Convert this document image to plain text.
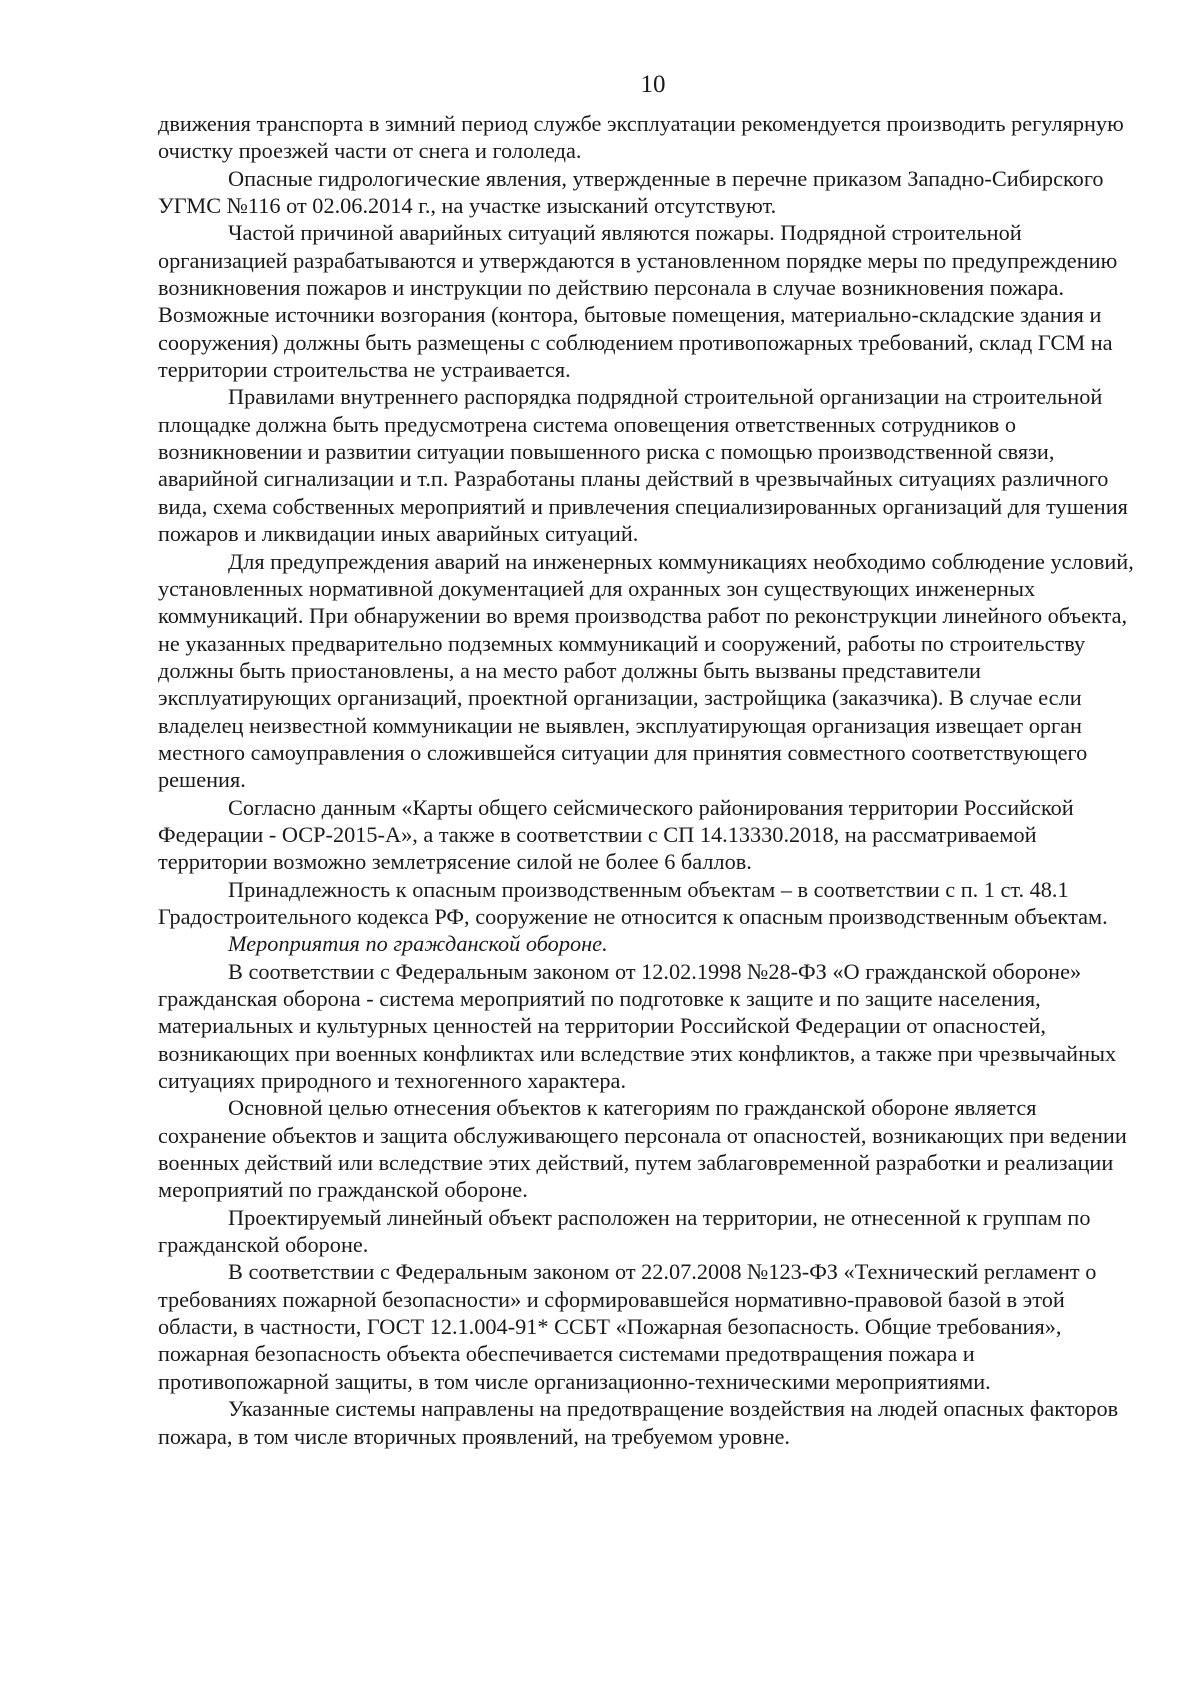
10

движения транспорта в зимний период службе эксплуатации рекомендуется производить регулярную очистку проезжей части от снега и гололеда.

Опасные гидрологические явления, утвержденные в перечне приказом Западно-Сибирского УГМС №116 от 02.06.2014 г., на участке изысканий отсутствуют.

Частой причиной аварийных ситуаций являются пожары. Подрядной строительной организацией разрабатываются и утверждаются в установленном порядке меры по предупреждению возникновения пожаров и инструкции по действию персонала в случае возникновения пожара. Возможные источники возгорания (контора, бытовые помещения, материально-складские здания и сооружения) должны быть размещены с соблюдением противопожарных требований, склад ГСМ на территории строительства не устраивается.

Правилами внутреннего распорядка подрядной строительной организации на строительной площадке должна быть предусмотрена система оповещения ответственных сотрудников о возникновении и развитии ситуации повышенного риска с помощью производственной связи, аварийной сигнализации и т.п. Разработаны планы действий в чрезвычайных ситуациях различного вида, схема собственных мероприятий и привлечения специализированных организаций для тушения пожаров и ликвидации иных аварийных ситуаций.

Для предупреждения аварий на инженерных коммуникациях необходимо соблюдение условий, установленных нормативной документацией для охранных зон существующих инженерных коммуникаций. При обнаружении во время производства работ по реконструкции линейного объекта, не указанных предварительно подземных коммуникаций и сооружений, работы по строительству должны быть приостановлены, а на место работ должны быть вызваны представители эксплуатирующих организаций, проектной организации, застройщика (заказчика). В случае если владелец неизвестной коммуникации не выявлен, эксплуатирующая организация извещает орган местного самоуправления о сложившейся ситуации для принятия совместного соответствующего решения.

Согласно данным «Карты общего сейсмического районирования территории Российской Федерации - ОСР-2015-А», а также в соответствии с СП 14.13330.2018, на рассматриваемой территории возможно землетрясение силой не более 6 баллов.

Принадлежность к опасным производственным объектам – в соответствии с п. 1 ст. 48.1 Градостроительного кодекса РФ, сооружение не относится к опасным производственным объектам.

Мероприятия по гражданской обороне.

В соответствии с Федеральным законом от 12.02.1998 №28-ФЗ «О гражданской обороне» гражданская оборона - система мероприятий по подготовке к защите и по защите населения, материальных и культурных ценностей на территории Российской Федерации от опасностей, возникающих при военных конфликтах или вследствие этих конфликтов, а также при чрезвычайных ситуациях природного и техногенного характера.

Основной целью отнесения объектов к категориям по гражданской обороне является сохранение объектов и защита обслуживающего персонала от опасностей, возникающих при ведении военных действий или вследствие этих действий, путем заблаговременной разработки и реализации мероприятий по гражданской обороне.

Проектируемый линейный объект расположен на территории, не отнесенной к группам по гражданской обороне.

В соответствии с Федеральным законом от 22.07.2008 №123-ФЗ «Технический регламент о требованиях пожарной безопасности» и сформировавшейся нормативно-правовой базой в этой области, в частности, ГОСТ 12.1.004-91* ССБТ «Пожарная безопасность. Общие требования», пожарная безопасность объекта обеспечивается системами предотвращения пожара и противопожарной защиты, в том числе организационно-техническими мероприятиями.

Указанные системы направлены на предотвращение воздействия на людей опасных факторов пожара, в том числе вторичных проявлений, на требуемом уровне.
